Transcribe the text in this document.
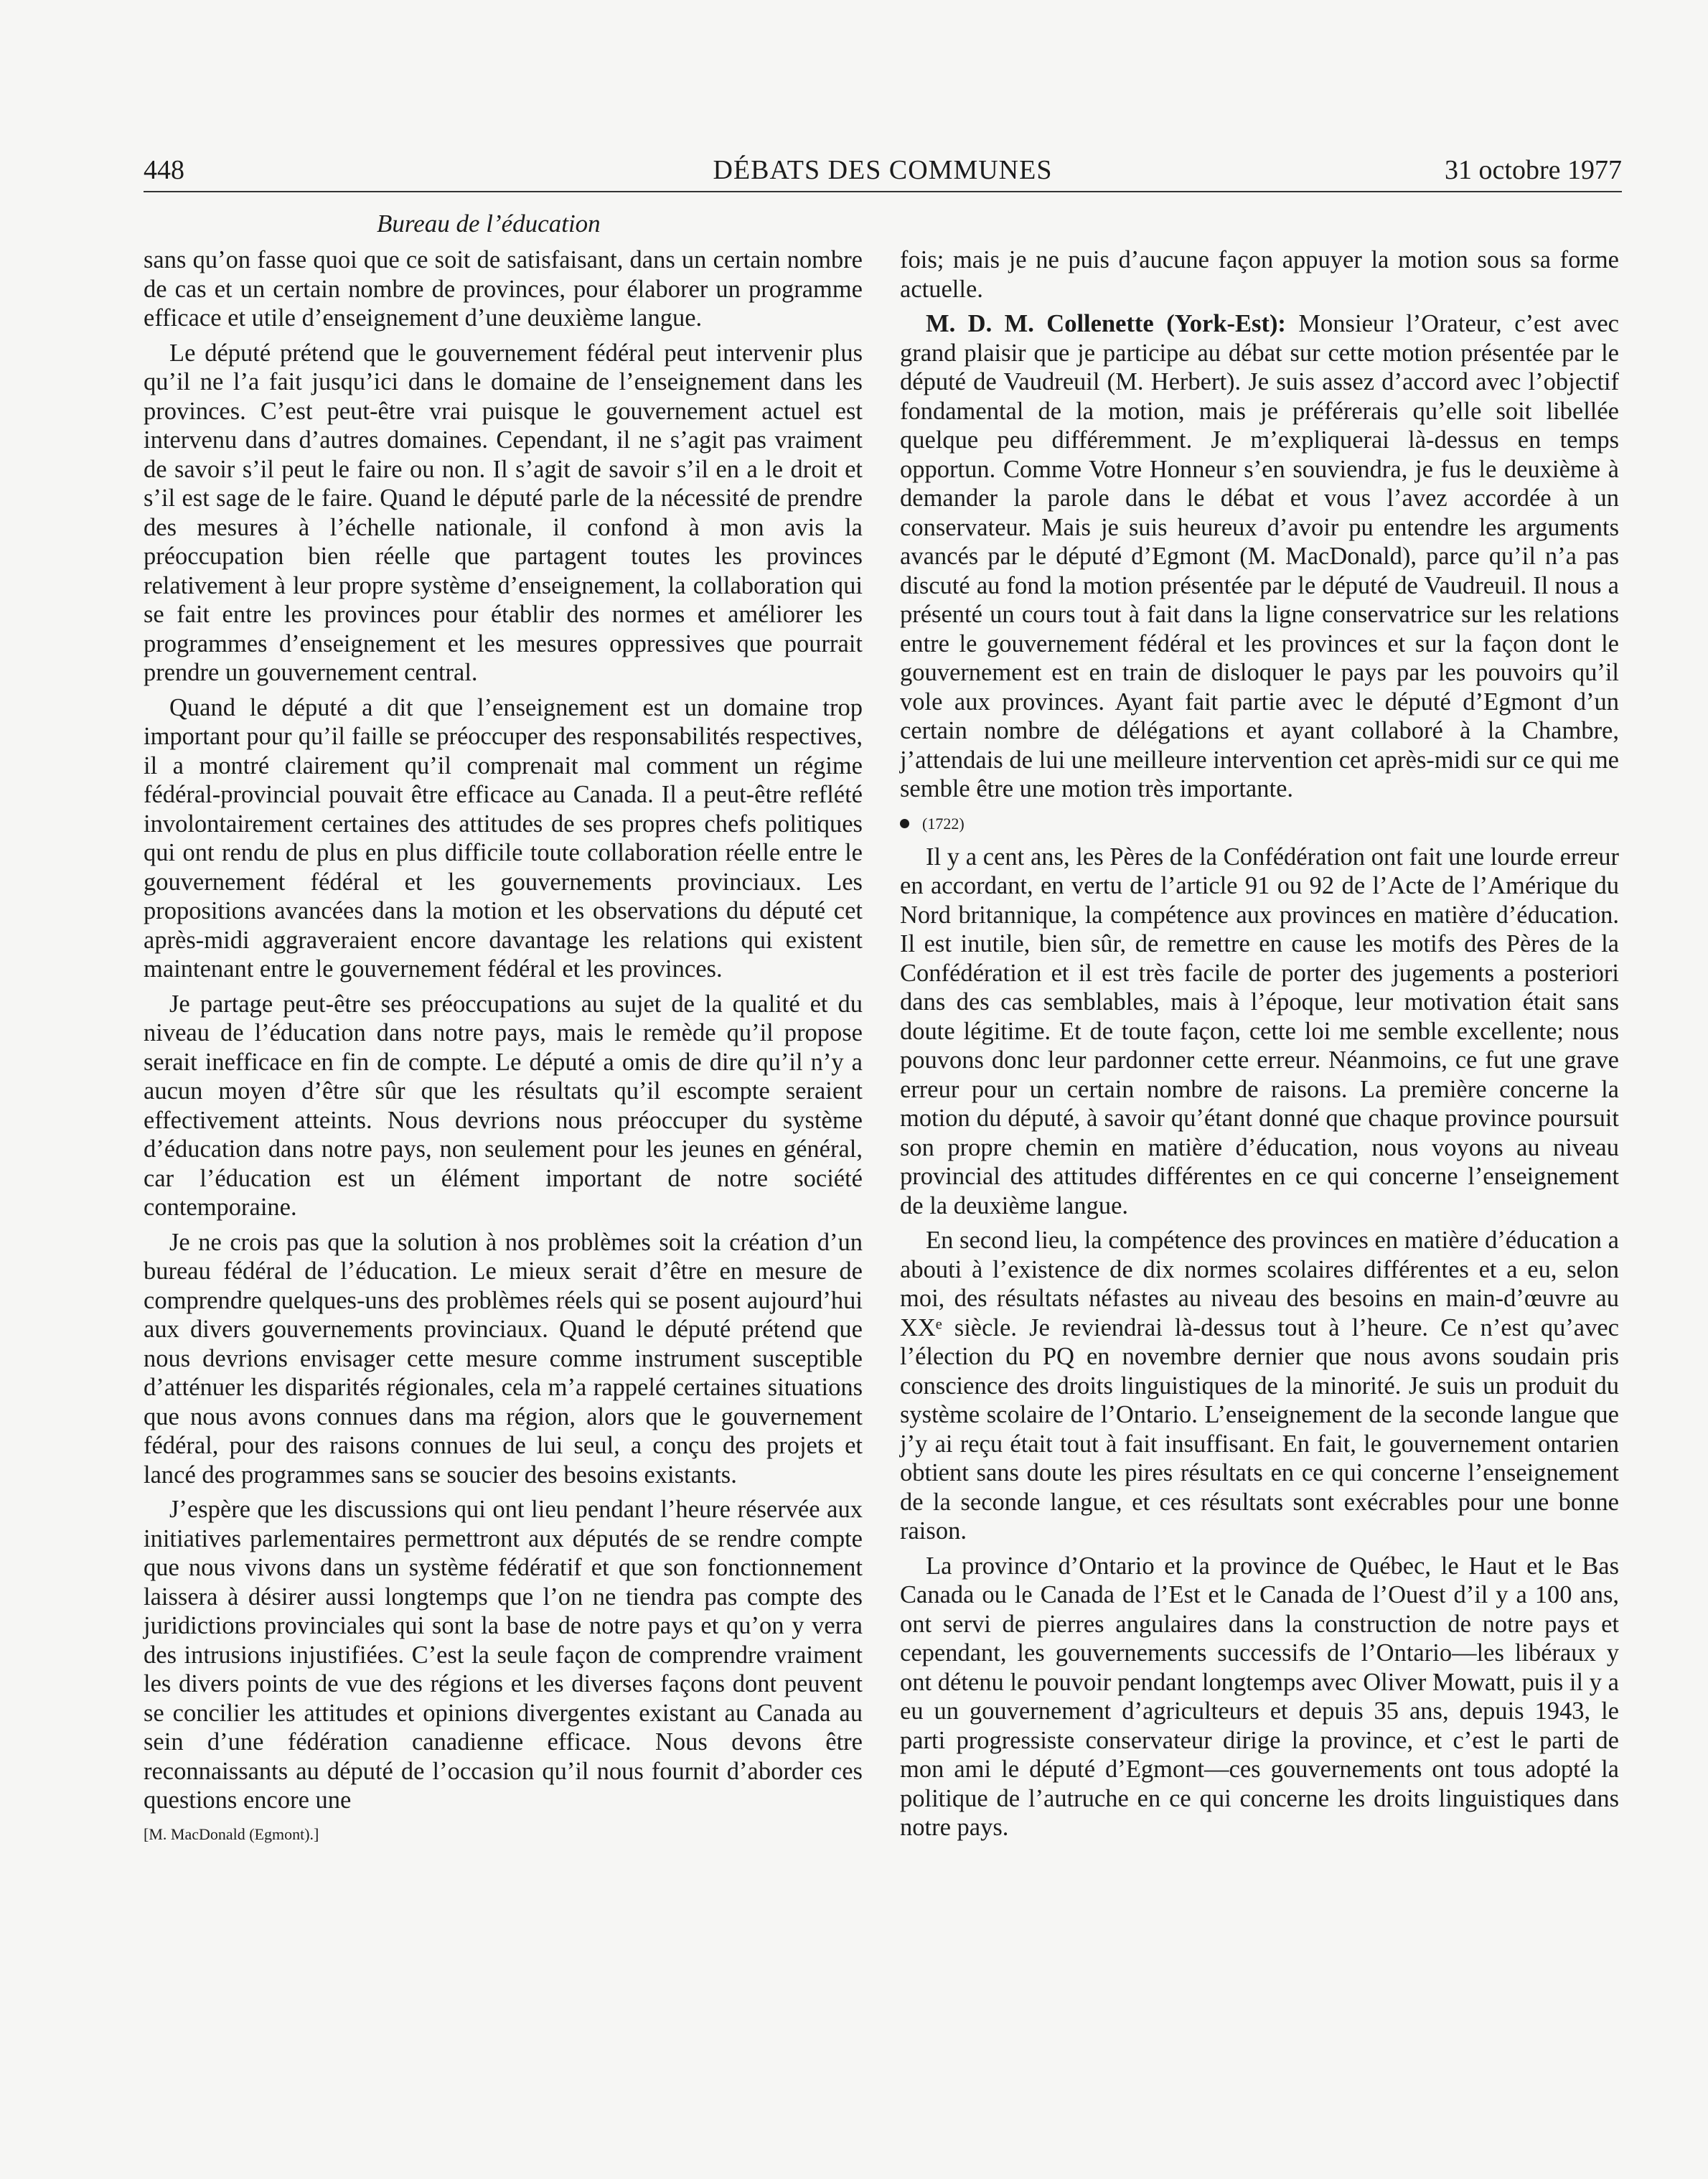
448	DÉBATS DES COMMUNES	31 octobre 1977
Bureau de l’éducation

sans qu’on fasse quoi que ce soit de satisfaisant, dans un certain nombre de cas et un certain nombre de provinces, pour élaborer un programme efficace et utile d’enseignement d’une deuxième langue.

Le député prétend que le gouvernement fédéral peut intervenir plus qu’il ne l’a fait jusqu’ici dans le domaine de l’enseignement dans les provinces. C’est peut-être vrai puisque le gouvernement actuel est intervenu dans d’autres domaines. Cependant, il ne s’agit pas vraiment de savoir s’il peut le faire ou non. Il s’agit de savoir s’il en a le droit et s’il est sage de le faire. Quand le député parle de la nécessité de prendre des mesures à l’échelle nationale, il confond à mon avis la préoccupation bien réelle que partagent toutes les provinces relativement à leur propre système d’enseignement, la collaboration qui se fait entre les provinces pour établir des normes et améliorer les programmes d’enseignement et les mesures oppressives que pourrait prendre un gouvernement central.

Quand le député a dit que l’enseignement est un domaine trop important pour qu’il faille se préoccuper des responsabilités respectives, il a montré clairement qu’il comprenait mal comment un régime fédéral-provincial pouvait être efficace au Canada. Il a peut-être reflété involontairement certaines des attitudes de ses propres chefs politiques qui ont rendu de plus en plus difficile toute collaboration réelle entre le gouvernement fédéral et les gouvernements provinciaux. Les propositions avancées dans la motion et les observations du député cet après-midi aggraveraient encore davantage les relations qui existent maintenant entre le gouvernement fédéral et les provinces.

Je partage peut-être ses préoccupations au sujet de la qualité et du niveau de l’éducation dans notre pays, mais le remède qu’il propose serait inefficace en fin de compte. Le député a omis de dire qu’il n’y a aucun moyen d’être sûr que les résultats qu’il escompte seraient effectivement atteints. Nous devrions nous préoccuper du système d’éducation dans notre pays, non seulement pour les jeunes en général, car l’éducation est un élément important de notre société contemporaine.

Je ne crois pas que la solution à nos problèmes soit la création d’un bureau fédéral de l’éducation. Le mieux serait d’être en mesure de comprendre quelques-uns des problèmes réels qui se posent aujourd’hui aux divers gouvernements provinciaux. Quand le député prétend que nous devrions envisager cette mesure comme instrument susceptible d’atténuer les disparités régionales, cela m’a rappelé certaines situations que nous avons connues dans ma région, alors que le gouvernement fédéral, pour des raisons connues de lui seul, a conçu des projets et lancé des programmes sans se soucier des besoins existants.

J’espère que les discussions qui ont lieu pendant l’heure réservée aux initiatives parlementaires permettront aux députés de se rendre compte que nous vivons dans un système fédératif et que son fonctionnement laissera à désirer aussi longtemps que l’on ne tiendra pas compte des juridictions provinciales qui sont la base de notre pays et qu’on y verra des intrusions injustifiées. C’est la seule façon de comprendre vraiment les divers points de vue des régions et les diverses façons dont peuvent se concilier les attitudes et opinions divergentes existant au Canada au sein d’une fédération canadienne efficace. Nous devons être reconnaissants au député de l’occasion qu’il nous fournit d’aborder ces questions encore une

[M. MacDonald (Egmont).]

fois; mais je ne puis d’aucune façon appuyer la motion sous sa forme actuelle.

M. D. M. Collenette (York-Est): Monsieur l’Orateur, c’est avec grand plaisir que je participe au débat sur cette motion présentée par le député de Vaudreuil (M. Herbert). Je suis assez d’accord avec l’objectif fondamental de la motion, mais je préférerais qu’elle soit libellée quelque peu différemment. Je m’expliquerai là-dessus en temps opportun. Comme Votre Honneur s’en souviendra, je fus le deuxième à demander la parole dans le débat et vous l’avez accordée à un conservateur. Mais je suis heureux d’avoir pu entendre les arguments avancés par le député d’Egmont (M. MacDonald), parce qu’il n’a pas discuté au fond la motion présentée par le député de Vaudreuil. Il nous a présenté un cours tout à fait dans la ligne conservatrice sur les relations entre le gouvernement fédéral et les provinces et sur la façon dont le gouvernement est en train de disloquer le pays par les pouvoirs qu’il vole aux provinces. Ayant fait partie avec le député d’Egmont d’un certain nombre de délégations et ayant collaboré à la Chambre, j’attendais de lui une meilleure intervention cet après-midi sur ce qui me semble être une motion très importante.

(1722)

Il y a cent ans, les Pères de la Confédération ont fait une lourde erreur en accordant, en vertu de l’article 91 ou 92 de l’Acte de l’Amérique du Nord britannique, la compétence aux provinces en matière d’éducation. Il est inutile, bien sûr, de remettre en cause les motifs des Pères de la Confédération et il est très facile de porter des jugements a posteriori dans des cas semblables, mais à l’époque, leur motivation était sans doute légitime. Et de toute façon, cette loi me semble excellente; nous pouvons donc leur pardonner cette erreur. Néanmoins, ce fut une grave erreur pour un certain nombre de raisons. La première concerne la motion du député, à savoir qu’étant donné que chaque province poursuit son propre chemin en matière d’éducation, nous voyons au niveau provincial des attitudes différentes en ce qui concerne l’enseignement de la deuxième langue.

En second lieu, la compétence des provinces en matière d’éducation a abouti à l’existence de dix normes scolaires différentes et a eu, selon moi, des résultats néfastes au niveau des besoins en main-d’œuvre au XXᵉ siècle. Je reviendrai là-dessus tout à l’heure. Ce n’est qu’avec l’élection du PQ en novembre dernier que nous avons soudain pris conscience des droits linguistiques de la minorité. Je suis un produit du système scolaire de l’Ontario. L’enseignement de la seconde langue que j’y ai reçu était tout à fait insuffisant. En fait, le gouvernement ontarien obtient sans doute les pires résultats en ce qui concerne l’enseignement de la seconde langue, et ces résultats sont exécrables pour une bonne raison.

La province d’Ontario et la province de Québec, le Haut et le Bas Canada ou le Canada de l’Est et le Canada de l’Ouest d’il y a 100 ans, ont servi de pierres angulaires dans la construction de notre pays et cependant, les gouvernements successifs de l’Ontario—les libéraux y ont détenu le pouvoir pendant longtemps avec Oliver Mowatt, puis il y a eu un gouvernement d’agriculteurs et depuis 35 ans, depuis 1943, le parti progressiste conservateur dirige la province, et c’est le parti de mon ami le député d’Egmont—ces gouvernements ont tous adopté la politique de l’autruche en ce qui concerne les droits linguistiques dans notre pays.
